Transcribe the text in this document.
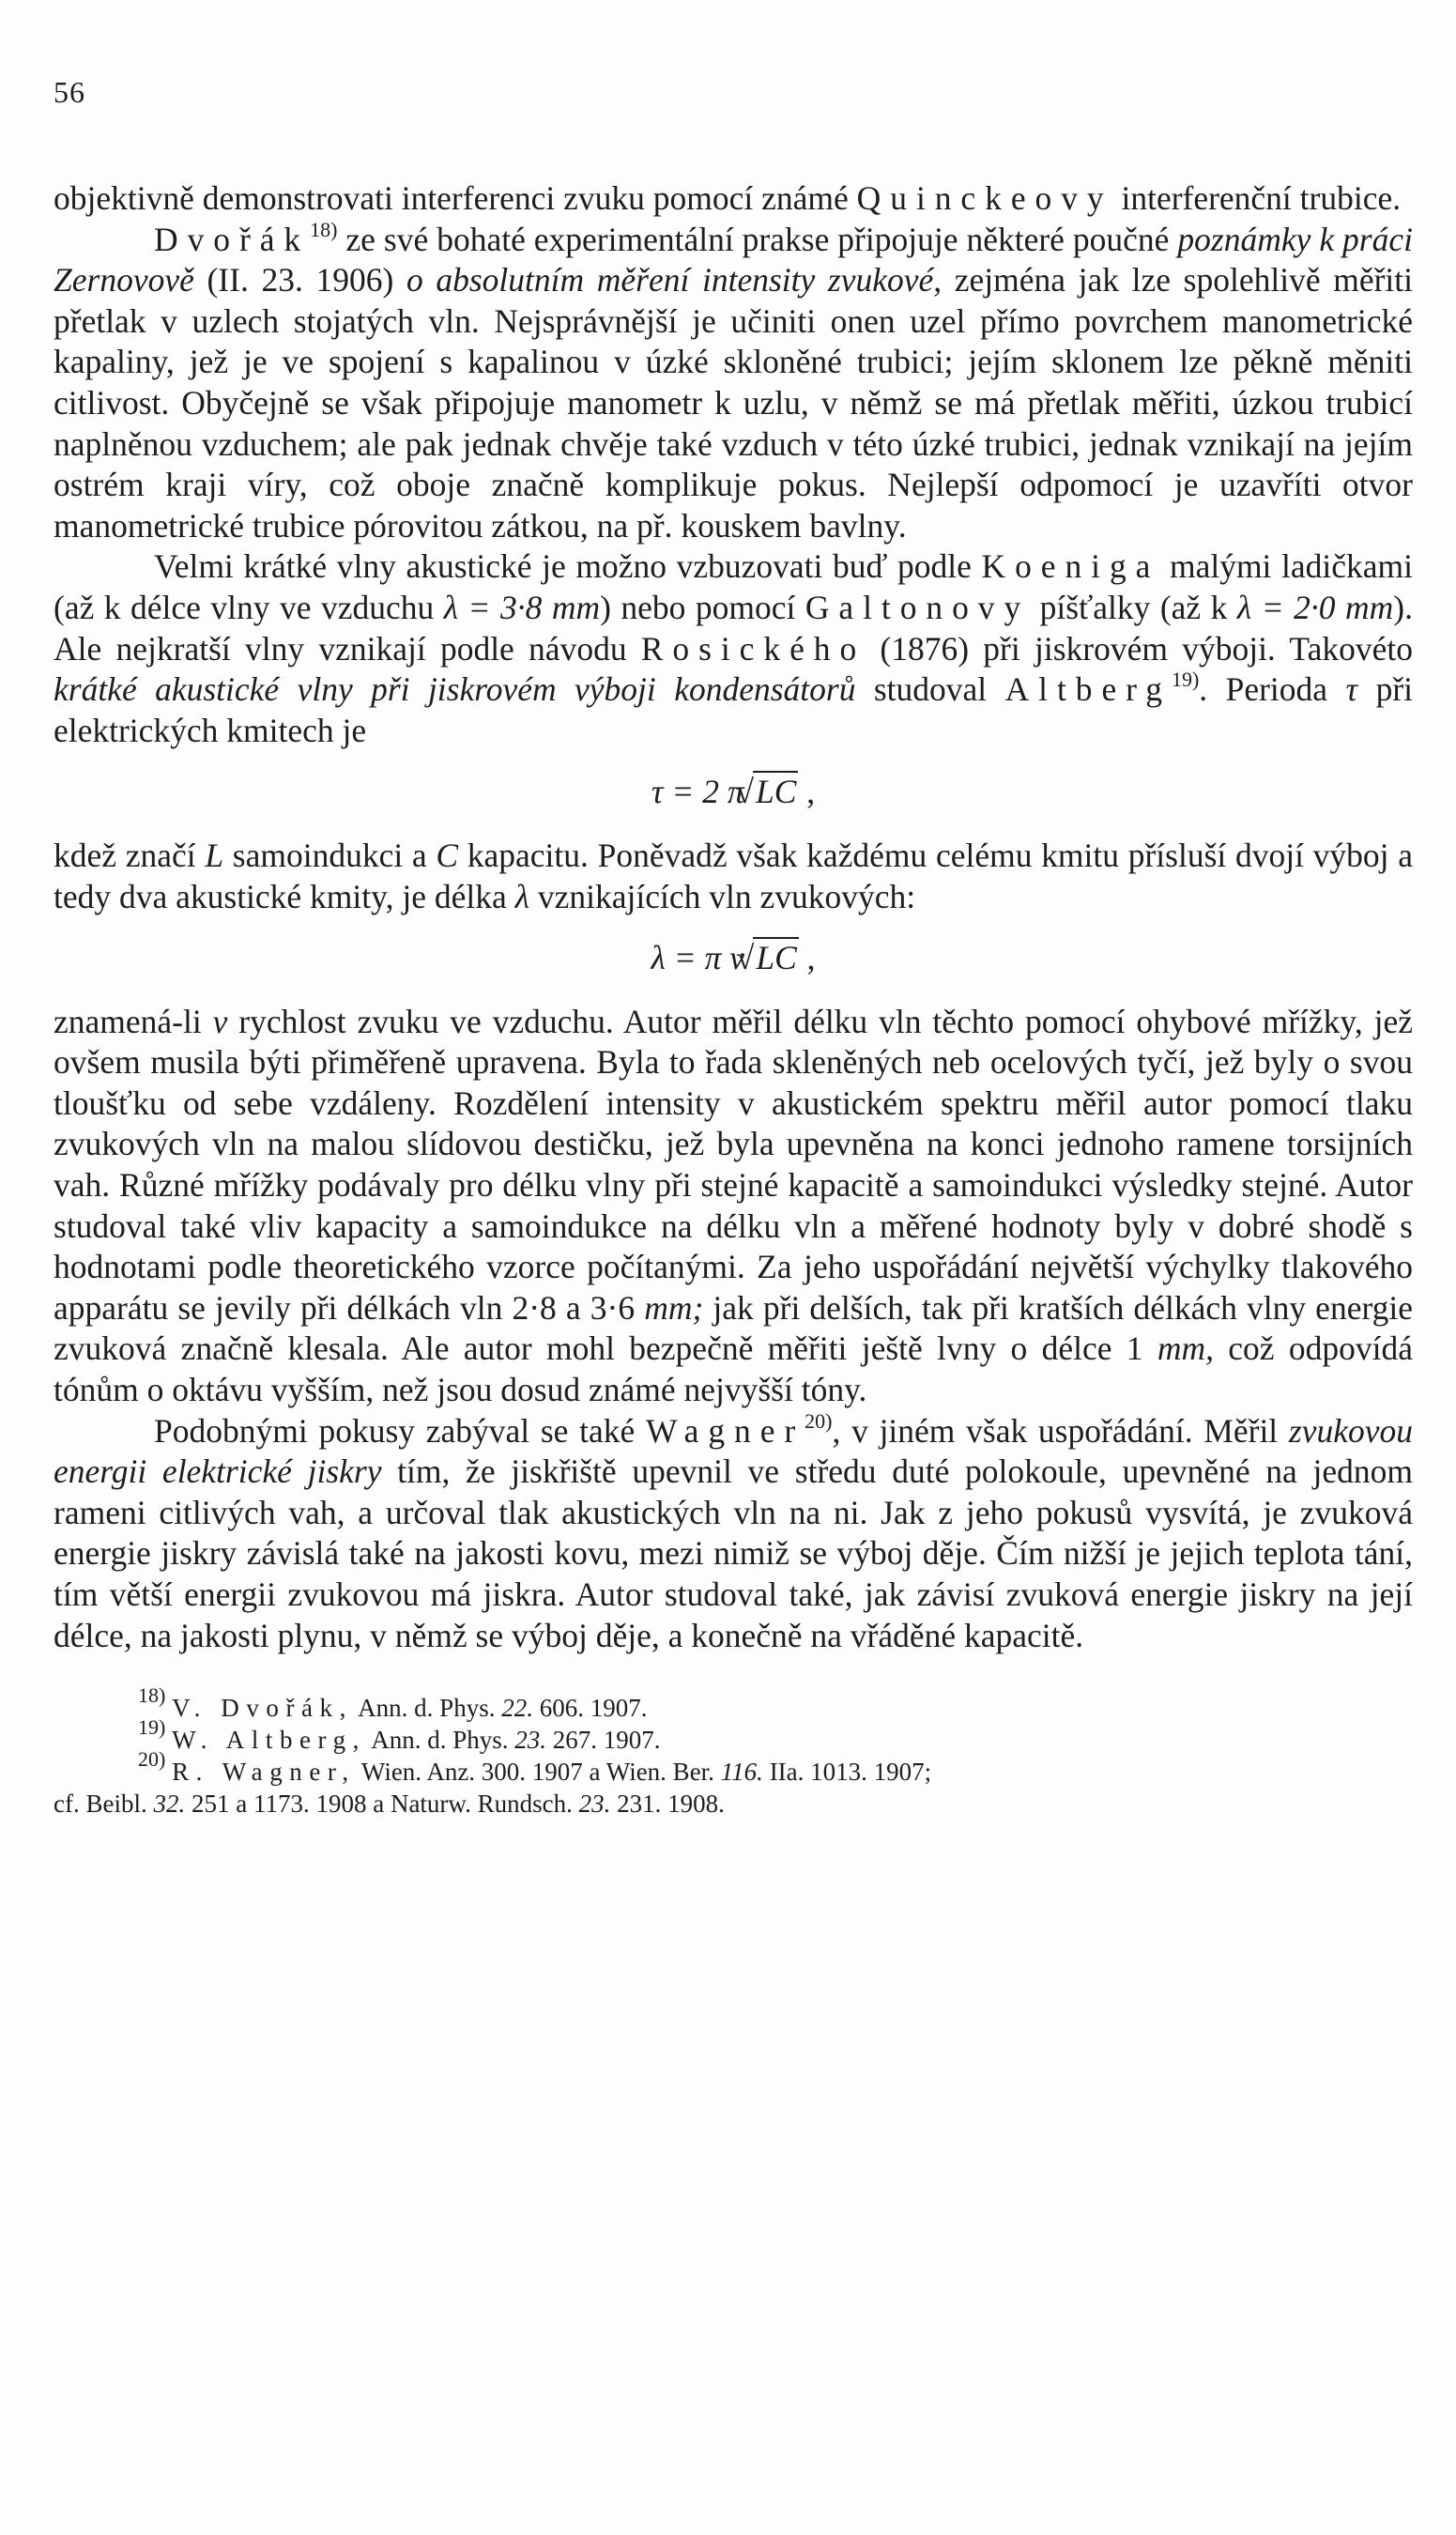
56

objektivně demonstrovati interferenci zvuku pomocí známé Quinckeovy interferenční trubice.

Dvořák$^{18)}$ ze své bohaté experimentální prakse připojuje některé poučné poznámky k práci Zernovově (II. 23. 1906) o absolutním měření intensity zvukové, zejména jak lze spolehlivě měřiti přetlak v uzlech stojatých vln. Nejsprávnější je učiniti onen uzel přímo povrchem manometrické kapaliny, jež je ve spojení s kapalinou v úzké skloněné trubici; jejím sklonem lze pěkně měniti citlivost. Obyčejně se však připojuje manometr k uzlu, v němž se má přetlak měřiti, úzkou trubicí naplněnou vzduchem; ale pak jednak chvěje také vzduch v této úzké trubici, jednak vznikají na jejím ostrém kraji víry, což oboje značně komplikuje pokus. Nejlepší odpomocí je uzavříti otvor manometrické trubice pórovitou zátkou, na př. kouskem bavlny.

Velmi krátké vlny akustické je možno vzbuzovati buď podle Koeniga malými ladičkami (až k délce vlny ve vzduchu λ = 3·8 mm) nebo pomocí Galtonovy píšťalky (až k λ = 2·0 mm). Ale nejkratší vlny vznikají podle návodu Rosického (1876) při jiskrovém výboji. Takovéto krátké akustické vlny při jiskrovém výboji kondensátorů studoval Altberg$^{19)}$. Perioda τ při elektrických kmitech je

τ = 2 π √ LC ,

kdež značí L samoindukci a C kapacitu. Poněvadž však každému celému kmitu přísluší dvojí výboj a tedy dva akustické kmity, je délka λ vznikajících vln zvukových:

λ = π v √ LC ,

znamená-li v rychlost zvuku ve vzduchu. Autor měřil délku vln těchto pomocí ohybové mřížky, jež ovšem musila býti přiměřeně upravena. Byla to řada skleněných neb ocelových tyčí, jež byly o svou tloušťku od sebe vzdáleny. Rozdělení intensity v akustickém spektru měřil autor pomocí tlaku zvukových vln na malou slídovou destičku, jež byla upevněna na konci jednoho ramene torsijních vah. Různé mřížky podávaly pro délku vlny při stejné kapacitě a samoindukci výsledky stejné. Autor studoval také vliv kapacity a samoindukce na délku vln a měřené hodnoty byly v dobré shodě s hodnotami podle theoretického vzorce počítanými. Za jeho uspořádání největší výchylky tlakového apparátu se jevily při délkách vln 2·8 a 3·6 mm; jak při delších, tak při kratších délkách vlny energie zvuková značně klesala. Ale autor mohl bezpečně měřiti ještě lvny o délce 1 mm, což odpovídá tónům o oktávu vyšším, než jsou dosud známé nejvyšší tóny.

Podobnými pokusy zabýval se také Wagner$^{20)}$, v jiném však uspořádání. Měřil zvukovou energii elektrické jiskry tím, že jiskřiště upevnil ve středu duté polokoule, upevněné na jednom rameni citlivých vah, a určoval tlak akustických vln na ni. Jak z jeho pokusů vysvítá, je zvuková energie jiskry závislá také na jakosti kovu, mezi nimiž se výboj děje. Čím nižší je jejich teplota tání, tím větší energii zvukovou má jiskra. Autor studoval také, jak závisí zvuková energie jiskry na její délce, na jakosti plynu, v němž se výboj děje, a konečně na vřáděné kapacitě.

$^{18)}$ V. Dvořák, Ann. d. Phys. 22. 606. 1907.

$^{19)}$ W. Altberg, Ann. d. Phys. 23. 267. 1907.

$^{20)}$ R. Wagner, Wien. Anz. 300. 1907 a Wien. Ber. 116. IIa. 1013. 1907;

cf. Beibl. 32. 251 a 1173. 1908 a Naturw. Rundsch. 23. 231. 1908.
